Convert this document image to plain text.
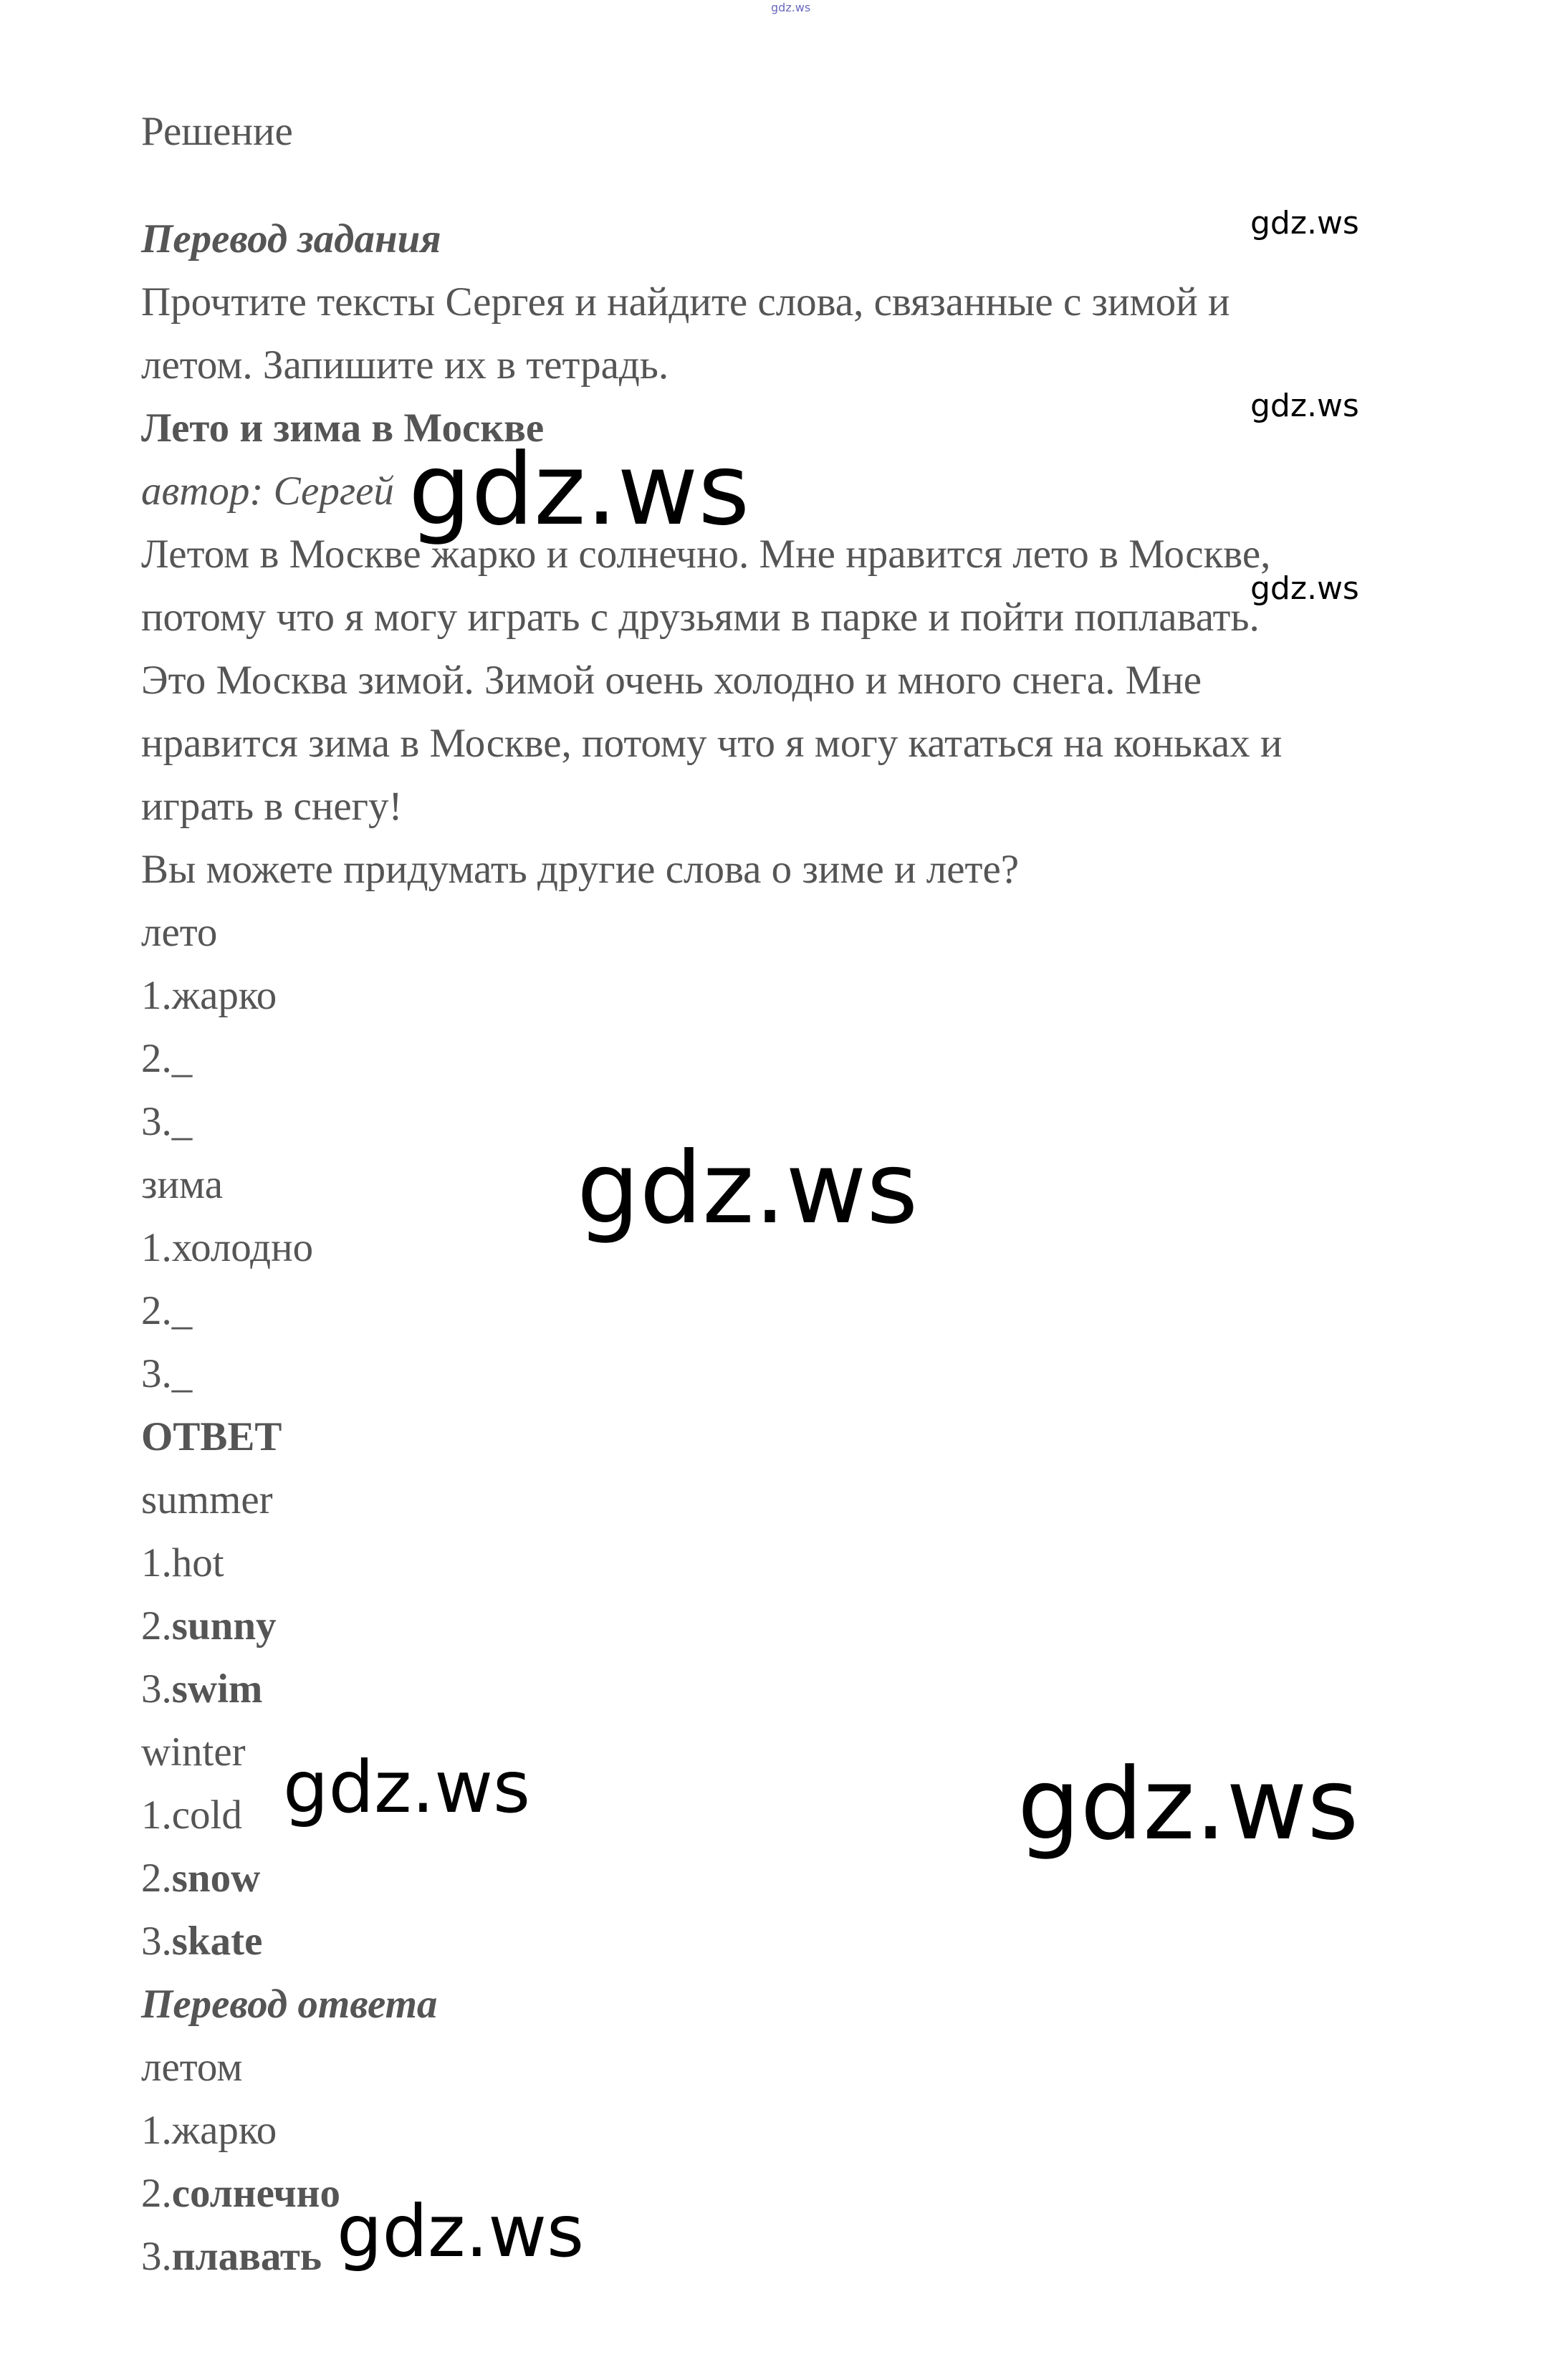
gdz.ws
Решение
Перевод задания
Прочтите тексты Сергея и найдите слова, связанные с зимой и
летом. Запишите их в тетрадь.
Лето и зима в Москве
автор: Сергей
Летом в Москве жарко и солнечно. Мне нравится лето в Москве,
потому что я могу играть с друзьями в парке и пойти поплавать.
Это Москва зимой. Зимой очень холодно и много снега. Мне
нравится зима в Москве, потому что я могу кататься на коньках и
играть в снегу!
Вы можете придумать другие слова о зиме и лете?
лето
1.жарко
2._
3._
зима
1.холодно
2._
3._
ОТВЕТ
summer
1.hot
2.sunny
3.swim
winter
1.cold
2.snow
3.skate
Перевод ответа
летом
1.жарко
2.солнечно
3.плавать
gdz.ws
gdz.ws
gdz.ws
gdz.ws
gdz.ws
gdz.ws	gdz.ws
gdz.ws
